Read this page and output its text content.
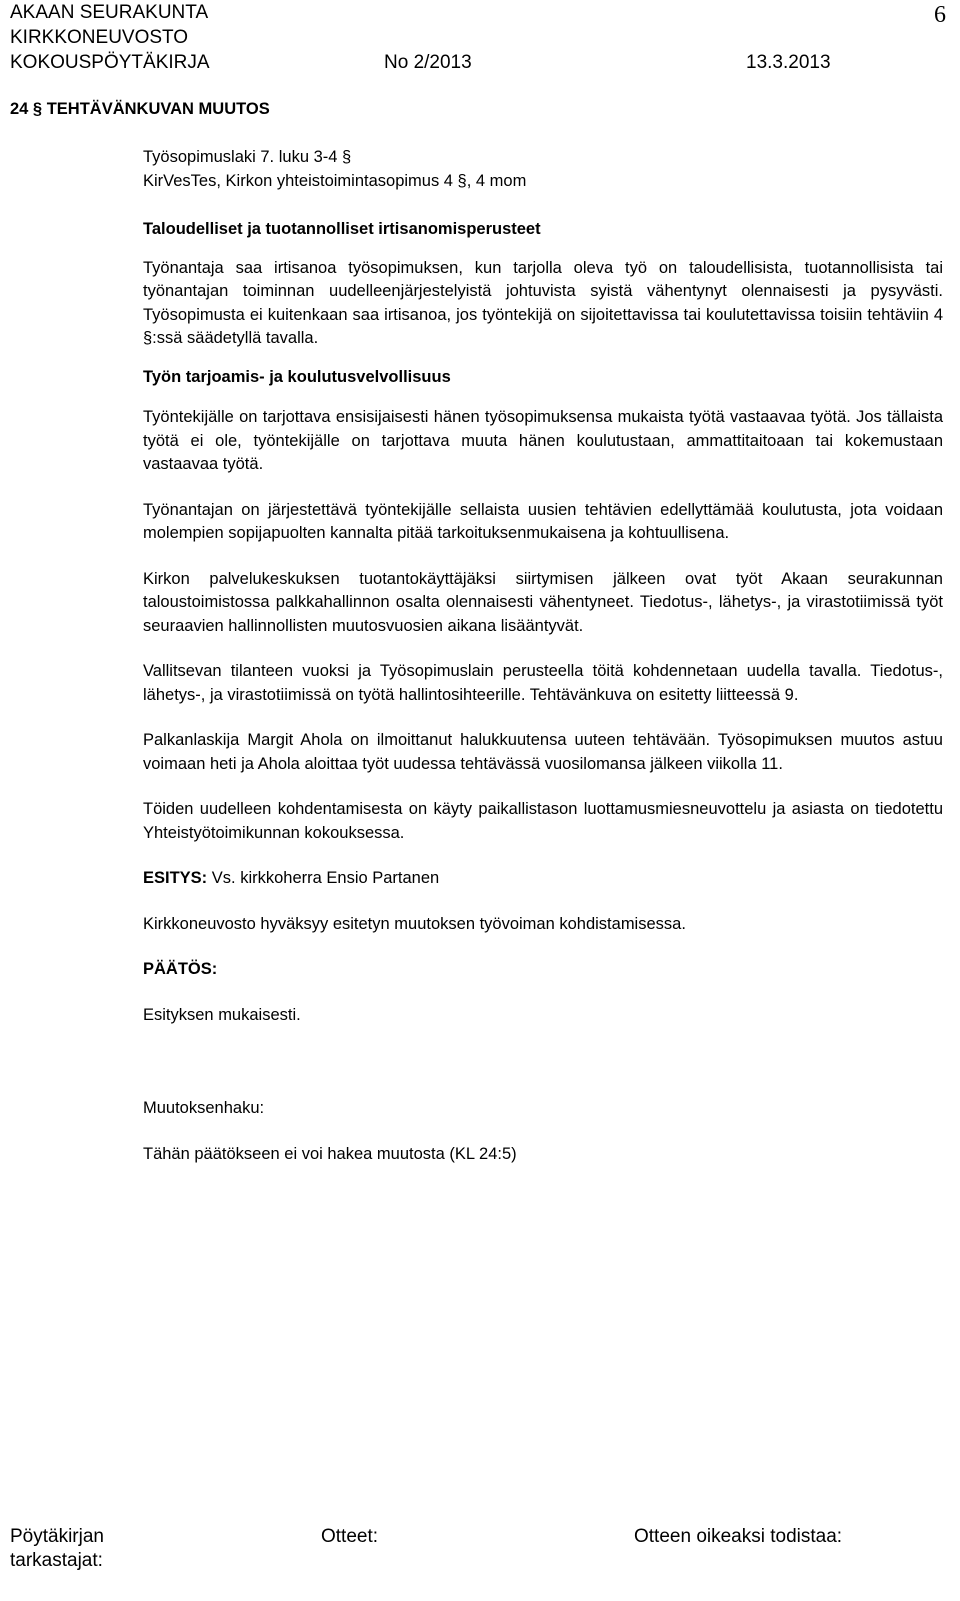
AKAAN SEURAKUNTA
KIRKKONEUVOSTO
KOKOUSPÖYTÄKIRJA	No 2/2013	13.3.2013
6
24 § TEHTÄVÄNKUVAN MUUTOS
Työsopimuslaki 7. luku 3-4 §
KirVesTes, Kirkon yhteistoimintasopimus 4 §, 4 mom

Taloudelliset ja tuotannolliset irtisanomisperusteet

Työnantaja saa irtisanoa työsopimuksen, kun tarjolla oleva työ on taloudellisista, tuotannollisista tai työnantajan toiminnan uudelleenjärjestelyistä johtuvista syistä vähentynyt olennaisesti ja pysyvästi. Työsopimusta ei kuitenkaan saa irtisanoa, jos työntekijä on sijoitettavissa tai koulutettavissa toisiin tehtäviin 4 §:ssä säädetyllä tavalla.

Työn tarjoamis- ja koulutusvelvollisuus

Työntekijälle on tarjottava ensisijaisesti hänen työsopimuksensa mukaista työtä vastaavaa työtä. Jos tällaista työtä ei ole, työntekijälle on tarjottava muuta hänen koulutustaan, ammattitaitoaan tai kokemustaan vastaavaa työtä.

Työnantajan on järjestettävä työntekijälle sellaista uusien tehtävien edellyttämää koulutusta, jota voidaan molempien sopijapuolten kannalta pitää tarkoituksenmukaisena ja kohtuullisena.

Kirkon palvelukeskuksen tuotantokäyttäjäksi siirtymisen jälkeen ovat työt Akaan seurakunnan taloustoimistossa palkkahallinnon osalta olennaisesti vähentyneet. Tiedotus-, lähetys-, ja virastotiimissä työt seuraavien hallinnollisten muutosvuosien aikana lisääntyvät.

Vallitsevan tilanteen vuoksi ja Työsopimuslain perusteella töitä kohdennetaan uudella tavalla. Tiedotus-, lähetys-, ja virastotiimissä on työtä hallintosihteerille. Tehtävänkuva on esitetty liitteessä 9.

Palkanlaskija Margit Ahola on ilmoittanut halukkuutensa uuteen tehtävään. Työsopimuksen muutos astuu voimaan heti ja Ahola aloittaa työt uudessa tehtävässä vuosilomansa jälkeen viikolla 11.

Töiden uudelleen kohdentamisesta on käyty paikallistason luottamusmiesneuvottelu ja asiasta on tiedotettu Yhteistyötoimikunnan kokouksessa.

ESITYS: Vs. kirkkoherra Ensio Partanen

Kirkkoneuvosto hyväksyy esitetyn muutoksen työvoiman kohdistamisessa.

PÄÄTÖS:

Esityksen mukaisesti.

Muutoksenhaku:

Tähän päätökseen ei voi hakea muutosta (KL 24:5)

Pöytäkirjan
tarkastajat:
Otteet:	Otteen oikeaksi todistaa:
